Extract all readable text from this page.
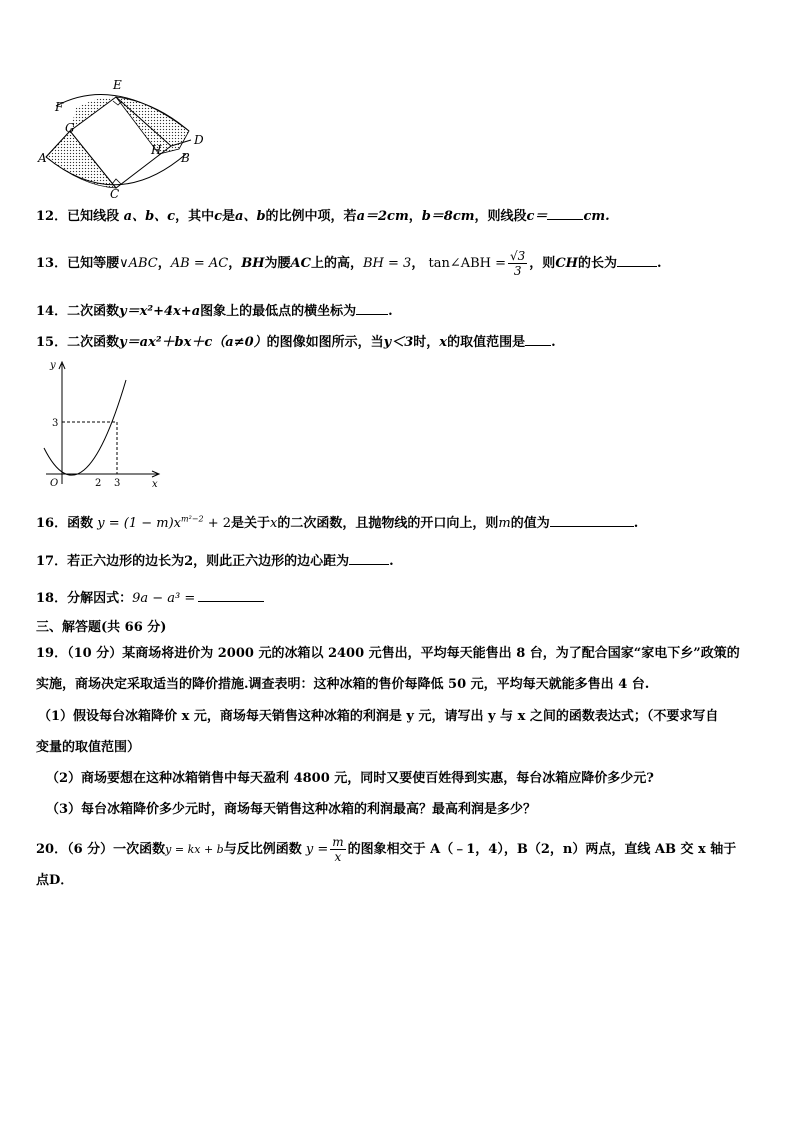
E
F
G
A
C
H
D
B
12．已知线段 a、b、c，其中c是a、b的比例中项，若a＝2cm，b＝8cm，则线段c＝	cm.
13．已知等腰∨ABC，AB = AC，BH为腰AC上的高，BH = 3， tan∠ABH = $\frac{√3}{3}$ ，则CH的长为	.
14．二次函数y＝x²+4x+a图象上的最低点的横坐标为 .
15．二次函数y＝ax²＋bx＋c（a≠0）的图像如图所示，当y＜3时，x的取值范围是 .
y
x
O
3
2 3
16．函数 $y = (1 - m)x^{m^2-2} + 2$是关于x的二次函数，且抛物线的开口向上，则m的值为	.
17．若正六边形的边长为2，则此正六边形的边心距为	.
18．分解因式：9a − a³ =
三、解答题(共 66 分)
19．（10 分）某商场将进价为 2000 元的冰箱以 2400 元售出，平均每天能售出 8 台，为了配合国家“家电下乡”政策的
实施，商场决定采取适当的降价措施.调查表明：这种冰箱的售价每降低 50 元，平均每天就能多售出 4 台.
（1）假设每台冰箱降价 x 元，商场每天销售这种冰箱的利润是 y 元，请写出 y 与 x 之间的函数表达式；（不要求写自
变量的取值范围）
（2）商场要想在这种冰箱销售中每天盈利 4800 元，同时又要使百姓得到实惠，每台冰箱应降价多少元?
（3）每台冰箱降价多少元时，商场每天销售这种冰箱的利润最高？最高利润是多少？
20．（6 分）一次函数y = kx + b与反比例函数 $y = \frac{m}{x}$ 的图象相交于 A（﹣1，4），B（2，n）两点，直线 AB 交 x 轴于
点D．
